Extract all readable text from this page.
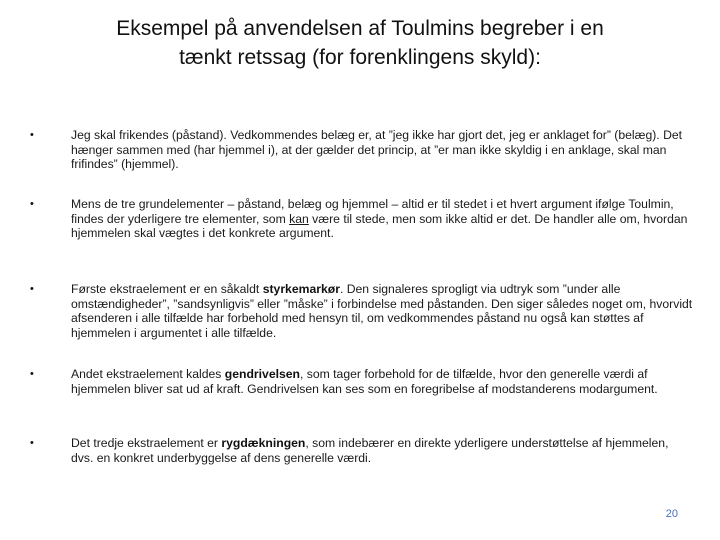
Eksempel på anvendelsen af Toulmins begreber i en
tænkt retssag (for forenklingens skyld):
•	Jeg skal frikendes (påstand). Vedkommendes belæg er, at ”jeg ikke har gjort det, jeg er anklaget for” (belæg). Det hænger sammen med (har hjemmel i), at der gælder det princip, at ”er man ikke skyldig i en anklage, skal man frifindes” (hjemmel).
•	Mens de tre grundelementer – påstand, belæg og hjemmel – altid er til stedet i et hvert argument ifølge Toulmin, findes der yderligere tre elementer, som kan være til stede, men som ikke altid er det. De handler alle om, hvordan hjemmelen skal vægtes i det konkrete argument.
•	Første ekstraelement er en såkaldt styrkemarkør. Den signaleres sprogligt via udtryk som ”under alle omstændigheder”, ”sandsynligvis” eller ”måske” i forbindelse med påstanden. Den siger således noget om, hvorvidt afsenderen i alle tilfælde har forbehold med hensyn til, om vedkommendes påstand nu også kan støttes af hjemmelen i argumentet i alle tilfælde.
•	Andet ekstraelement kaldes gendrivelsen, som tager forbehold for de tilfælde, hvor den generelle værdi af hjemmelen bliver sat ud af kraft. Gendrivelsen kan ses som en foregribelse af modstanderens modargument.
•	Det tredje ekstraelement er rygdækningen, som indebærer en direkte yderligere understøttelse af hjemmelen, dvs. en konkret underbyggelse af dens generelle værdi.
20
